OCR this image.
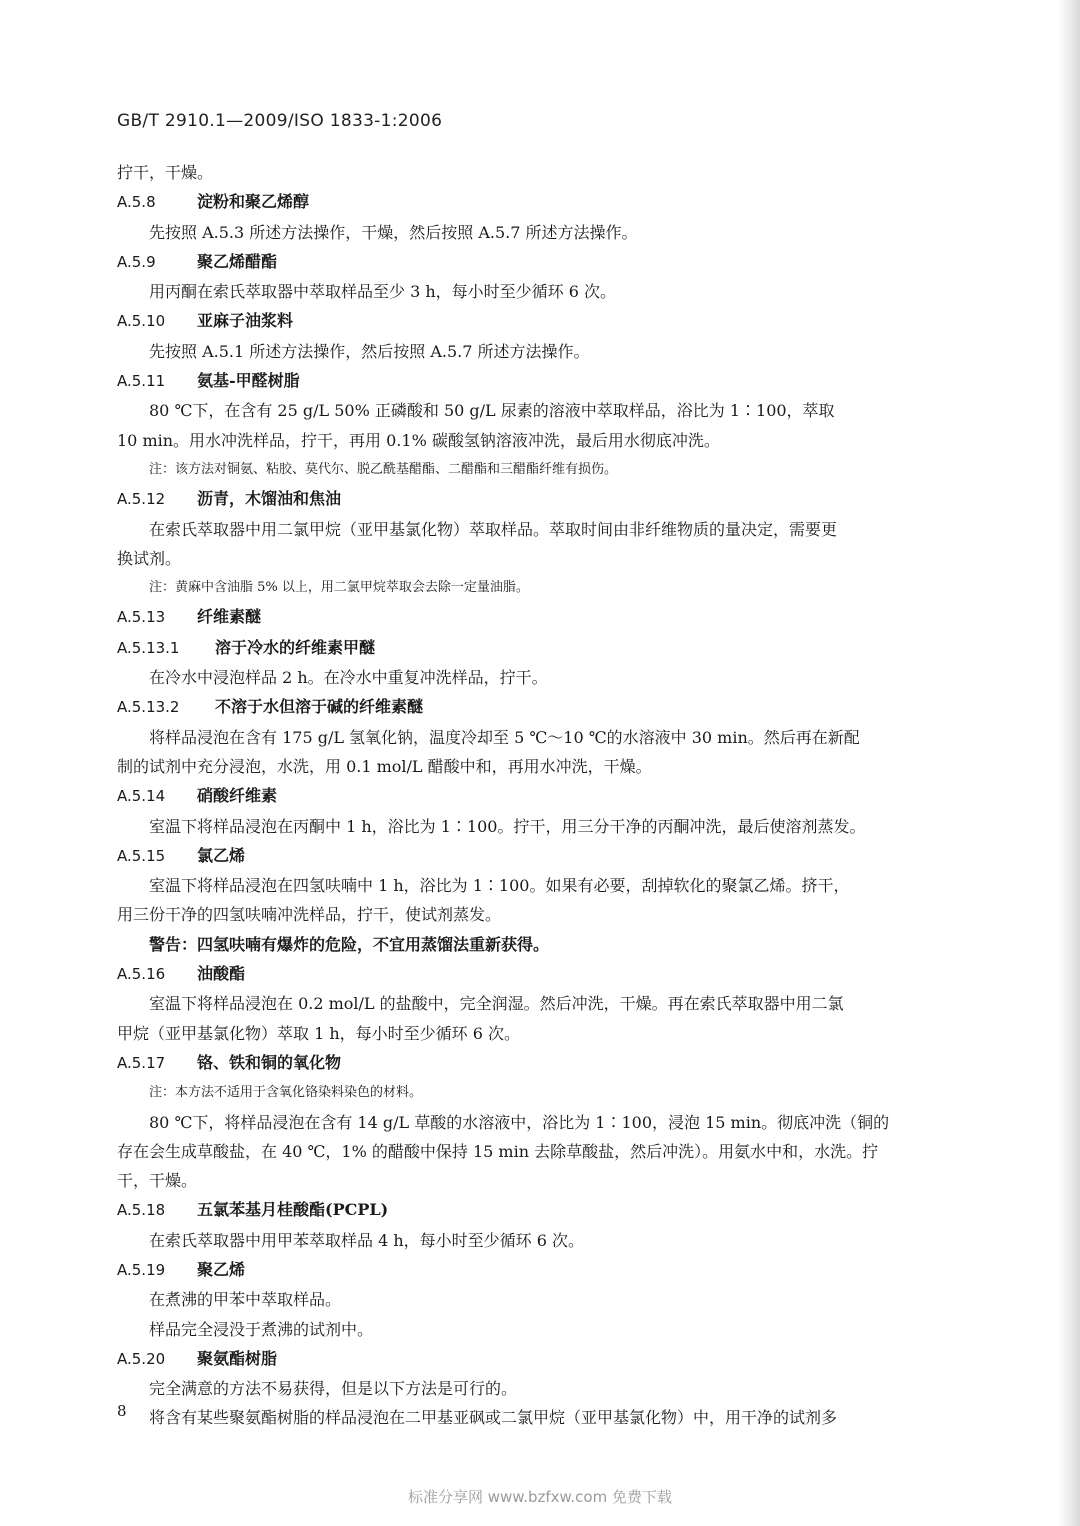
GB/T 2910.1—2009/ISO 1833-1:2006
拧干，干燥。
A.5.8	淀粉和聚乙烯醇
先按照 A.5.3 所述方法操作，干燥，然后按照 A.5.7 所述方法操作。
A.5.9	聚乙烯醋酯
用丙酮在索氏萃取器中萃取样品至少 3 h，每小时至少循环 6 次。
A.5.10 亚麻子油浆料
先按照 A.5.1 所述方法操作，然后按照 A.5.7 所述方法操作。
A.5.11 氨基-甲醛树脂
80 ℃下，在含有 25 g/L 50% 正磷酸和 50 g/L 尿素的溶液中萃取样品，浴比为 1∶100，萃取
10 min。用水冲洗样品，拧干，再用 0.1% 碳酸氢钠溶液冲洗，最后用水彻底冲洗。
注：该方法对铜氨、粘胶、莫代尔、脱乙酰基醋酯、二醋酯和三醋酯纤维有损伤。
A.5.12 沥青，木馏油和焦油
在索氏萃取器中用二氯甲烷（亚甲基氯化物）萃取样品。萃取时间由非纤维物质的量决定，需要更
换试剂。
注：黄麻中含油脂 5% 以上，用二氯甲烷萃取会去除一定量油脂。
A.5.13 纤维素醚
A.5.13.1 溶于冷水的纤维素甲醚
在冷水中浸泡样品 2 h。在冷水中重复冲洗样品，拧干。
A.5.13.2 不溶于水但溶于碱的纤维素醚
将样品浸泡在含有 175 g/L 氢氧化钠，温度冷却至 5 ℃～10 ℃的水溶液中 30 min。然后再在新配
制的试剂中充分浸泡，水洗，用 0.1 mol/L 醋酸中和，再用水冲洗，干燥。
A.5.14 硝酸纤维素
室温下将样品浸泡在丙酮中 1 h，浴比为 1∶100。拧干，用三分干净的丙酮冲洗，最后使溶剂蒸发。
A.5.15 氯乙烯
室温下将样品浸泡在四氢呋喃中 1 h，浴比为 1∶100。如果有必要，刮掉软化的聚氯乙烯。挤干，
用三份干净的四氢呋喃冲洗样品，拧干，使试剂蒸发。
警告：四氢呋喃有爆炸的危险，不宜用蒸馏法重新获得。
A.5.16 油酸酯
室温下将样品浸泡在 0.2 mol/L 的盐酸中，完全润湿。然后冲洗，干燥。再在索氏萃取器中用二氯
甲烷（亚甲基氯化物）萃取 1 h，每小时至少循环 6 次。
A.5.17 铬、铁和铜的氧化物
注：本方法不适用于含氧化铬染料染色的材料。
80 ℃下，将样品浸泡在含有 14 g/L 草酸的水溶液中，浴比为 1∶100，浸泡 15 min。彻底冲洗（铜的
存在会生成草酸盐，在 40 ℃，1% 的醋酸中保持 15 min 去除草酸盐，然后冲洗）。用氨水中和，水洗。拧
干，干燥。
A.5.18 五氯苯基月桂酸酯(PCPL)
在索氏萃取器中用甲苯萃取样品 4 h，每小时至少循环 6 次。
A.5.19 聚乙烯
在煮沸的甲苯中萃取样品。
样品完全浸没于煮沸的试剂中。
A.5.20 聚氨酯树脂
完全满意的方法不易获得，但是以下方法是可行的。
将含有某些聚氨酯树脂的样品浸泡在二甲基亚砜或二氯甲烷（亚甲基氯化物）中，用干净的试剂多
8
标准分享网 www.bzfxw.com 免费下载
